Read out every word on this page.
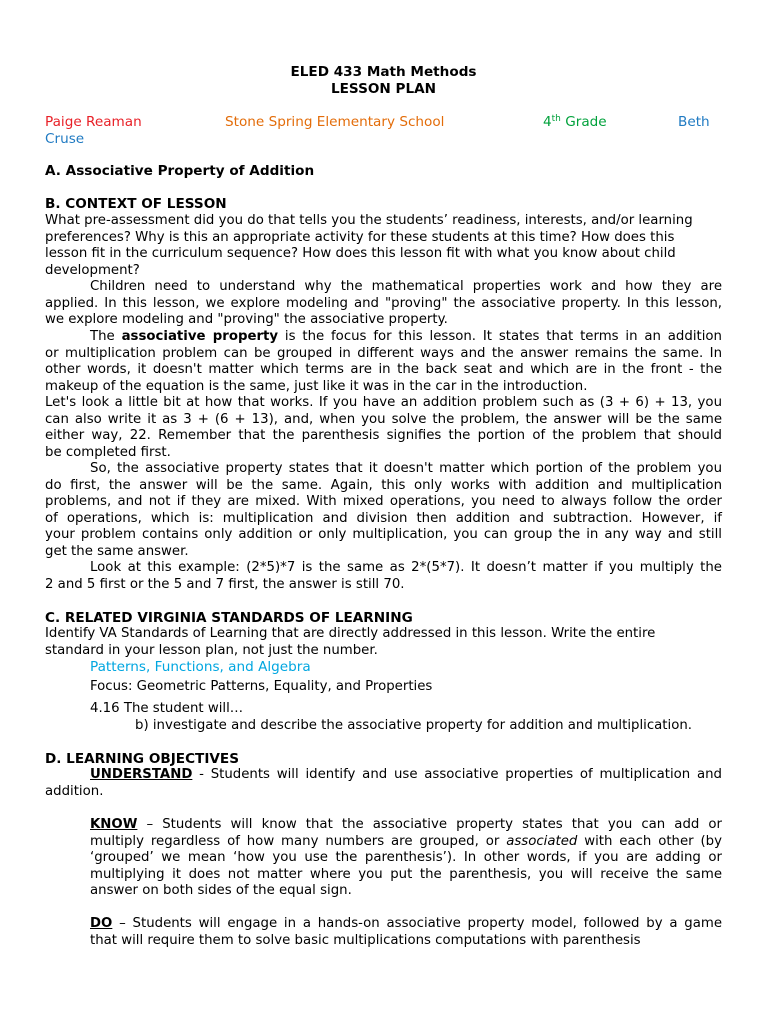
ELED 433 Math Methods
LESSON PLAN
Paige Reaman	Stone Spring Elementary School	4th Grade	Beth
Cruse
A. Associative Property of Addition
B. CONTEXT OF LESSON
What pre-assessment did you do that tells you the students’ readiness, interests, and/or learning
preferences? Why is this an appropriate activity for these students at this time? How does this
lesson fit in the curriculum sequence? How does this lesson fit with what you know about child
development?
Children need to understand why the mathematical properties work and how they are
applied. In this lesson, we explore modeling and "proving" the associative property. In this lesson,
we explore modeling and "proving" the associative property.
The associative property is the focus for this lesson. It states that terms in an addition
or multiplication problem can be grouped in different ways and the answer remains the same. In
other words, it doesn't matter which terms are in the back seat and which are in the front - the
makeup of the equation is the same, just like it was in the car in the introduction.
Let's look a little bit at how that works. If you have an addition problem such as (3 + 6) + 13, you
can also write it as 3 + (6 + 13), and, when you solve the problem, the answer will be the same
either way, 22. Remember that the parenthesis signifies the portion of the problem that should
be completed first.
So, the associative property states that it doesn't matter which portion of the problem you
do first, the answer will be the same. Again, this only works with addition and multiplication
problems, and not if they are mixed. With mixed operations, you need to always follow the order
of operations, which is: multiplication and division then addition and subtraction. However, if
your problem contains only addition or only multiplication, you can group the in any way and still
get the same answer.
Look at this example: (2*5)*7 is the same as 2*(5*7). It doesn’t matter if you multiply the
2 and 5 first or the 5 and 7 first, the answer is still 70.
C. RELATED VIRGINIA STANDARDS OF LEARNING
Identify VA Standards of Learning that are directly addressed in this lesson. Write the entire
standard in your lesson plan, not just the number.
Patterns, Functions, and Algebra
Focus: Geometric Patterns, Equality, and Properties
4.16 The student will…
b) investigate and describe the associative property for addition and multiplication.
D. LEARNING OBJECTIVES
UNDERSTAND - Students will identify and use associative properties of multiplication and
addition.
KNOW – Students will know that the associative property states that you can add or
multiply regardless of how many numbers are grouped, or associated with each other (by
‘grouped’ we mean ‘how you use the parenthesis’). In other words, if you are adding or
multiplying it does not matter where you put the parenthesis, you will receive the same
answer on both sides of the equal sign.
DO – Students will engage in a hands-on associative property model, followed by a game
that will require them to solve basic multiplications computations with parenthesis
